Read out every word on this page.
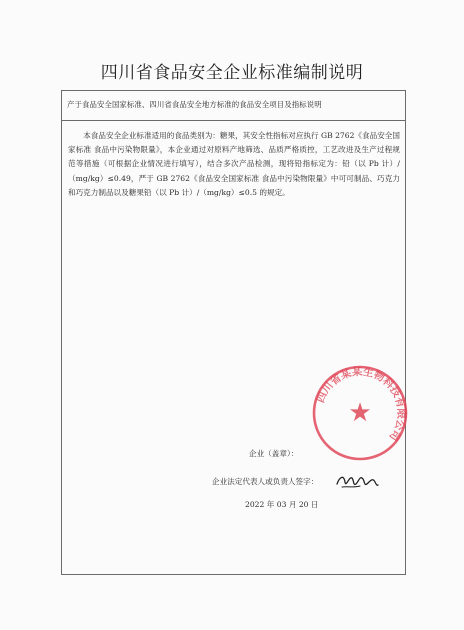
四川省食品安全企业标准编制说明
产于食品安全国家标准、四川省食品安全地方标准的食品安全项目及指标说明

本食品安全企业标准适用的食品类别为：糖果，其安全性指标对应执行 GB 2762《食品安全国家标准 食品中污染物限量》，本企业通过对原料产地筛选、品质严格质控，工艺改进及生产过程规范等措施（可根据企业情况进行填写），结合多次产品检测，现将铅指标定为：铅（以 Pb 计）/（mg/kg）≤0.49，严于 GB 2762《食品安全国家标准 食品中污染物限量》中可可制品、巧克力和巧克力制品以及糖果铅（以 Pb 计）/（mg/kg）≤0.5 的规定。

企业（盖章）：
企业法定代表人或负责人签字：
2022 年 03 月 20 日
四川省某某生物科技有限公司
★
